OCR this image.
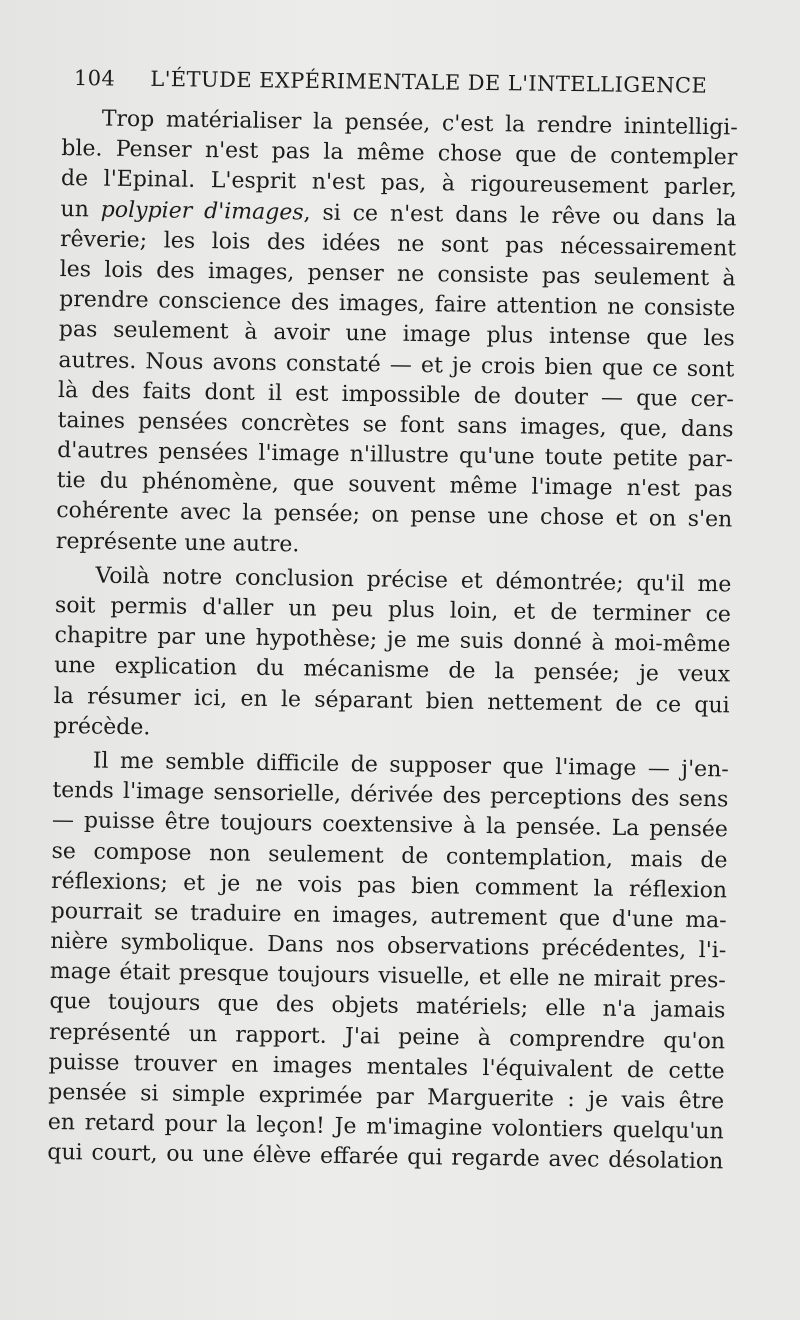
104 L'ÉTUDE EXPÉRIMENTALE DE L'INTELLIGENCE
Trop matérialiser la pensée, c'est la rendre inintelligi-
ble. Penser n'est pas la même chose que de contempler
de l'Epinal. L'esprit n'est pas, à rigoureusement parler,
un polypier d'images, si ce n'est dans le rêve ou dans la
rêverie; les lois des idées ne sont pas nécessairement
les lois des images, penser ne consiste pas seulement à
prendre conscience des images, faire attention ne consiste
pas seulement à avoir une image plus intense que les
autres. Nous avons constaté — et je crois bien que ce sont
là des faits dont il est impossible de douter — que cer-
taines pensées concrètes se font sans images, que, dans
d'autres pensées l'image n'illustre qu'une toute petite par-
tie du phénomène, que souvent même l'image n'est pas
cohérente avec la pensée; on pense une chose et on s'en
représente une autre.
Voilà notre conclusion précise et démontrée; qu'il me
soit permis d'aller un peu plus loin, et de terminer ce
chapitre par une hypothèse; je me suis donné à moi-même
une explication du mécanisme de la pensée; je veux
la résumer ici, en le séparant bien nettement de ce qui
précède.
Il me semble difficile de supposer que l'image — j'en-
tends l'image sensorielle, dérivée des perceptions des sens
— puisse être toujours coextensive à la pensée. La pensée
se compose non seulement de contemplation, mais de
réflexions; et je ne vois pas bien comment la réflexion
pourrait se traduire en images, autrement que d'une ma-
nière symbolique. Dans nos observations précédentes, l'i-
mage était presque toujours visuelle, et elle ne mirait pres-
que toujours que des objets matériels; elle n'a jamais
représenté un rapport. J'ai peine à comprendre qu'on
puisse trouver en images mentales l'équivalent de cette
pensée si simple exprimée par Marguerite : je vais être
en retard pour la leçon! Je m'imagine volontiers quelqu'un
qui court, ou une élève effarée qui regarde avec désolation
